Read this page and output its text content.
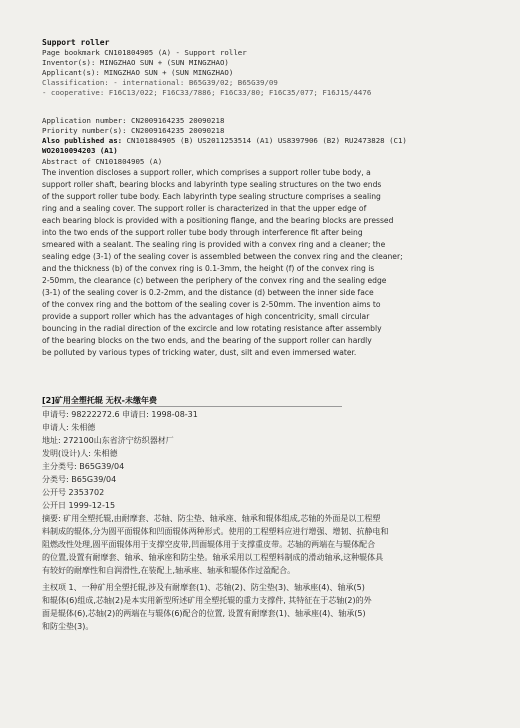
Support roller
Page bookmark CN101804905 (A) - Support roller
Inventor(s): MINGZHAO SUN + (SUN MINGZHAO)
Applicant(s): MINGZHAO SUN + (SUN MINGZHAO)
Classification: - international: B65G39/02; B65G39/09
- cooperative: F16C13/022; F16C33/7886; F16C33/80; F16C35/077; F16J15/4476
Application number: CN2009164235 20090218
Priority number(s): CN2009164235 20090218
Also published as: CN101804905 (B) US2011253514 (A1) US8397906 (B2) RU2473828 (C1)
WO2010094203 (A1)
Abstract of CN101804905 (A)
The invention discloses a support roller, which comprises a support roller tube body, a
support roller shaft, bearing blocks and labyrinth type sealing structures on the two ends
of the support roller tube body. Each labyrinth type sealing structure comprises a sealing
ring and a sealing cover. The support roller is characterized in that the upper edge of
each bearing block is provided with a positioning flange, and the bearing blocks are pressed
into the two ends of the support roller tube body through interference fit after being
smeared with a sealant. The sealing ring is provided with a convex ring and a cleaner; the
sealing edge (3-1) of the sealing cover is assembled between the convex ring and the cleaner;
and the thickness (b) of the convex ring is 0.1-3mm, the height (f) of the convex ring is
2-50mm, the clearance (c) between the periphery of the convex ring and the sealing edge
(3-1) of the sealing cover is 0.2-2mm, and the distance (d) between the inner side face
of the convex ring and the bottom of the sealing cover is 2-50mm. The invention aims to
provide a support roller which has the advantages of high concentricity, small circular
bouncing in the radial direction of the excircle and low rotating resistance after assembly
of the bearing blocks on the two ends, and the bearing of the support roller can hardly
be polluted by various types of tricking water, dust, silt and even immersed water.
[2]矿用全塑托辊 无权-未缴年费
申请号: 98222272.6 申请日: 1998-08-31
申请人: 朱相德
地址: 272100山东省济宁纺织器材厂
发明(设计)人: 朱相德
主分类号: B65G39/04
分类号: B65G39/04
公开号 2353702
公开日 1999-12-15
摘要: 矿用全塑托辊,由耐摩套、芯轴、防尘垫、轴承座、轴承和辊体组成,芯轴的外面是以工程塑
料制成的辊体,分为圆平面辊体和凹面辊体两种形式。使用的工程塑料应进行增强、增韧、抗静电和
阻燃改性处理,圆平面辊体用于支撑空皮带,凹面辊体用于支撑重皮带。芯轴的两端在与辊体配合
的位置,设置有耐摩套、轴承、轴承座和防尘垫。轴承采用以工程塑料制成的滑动轴承,这种辊体具
有较好的耐摩性和自润滑性,在装配上,轴承座、轴承和辊体作过盈配合。
主权项 1、一种矿用全塑托辊,涉及有耐摩套(1)、芯轴(2)、防尘垫(3)、轴承座(4)、轴承(5)
和辊体(6)组成,芯轴(2)是本实用新型所述矿用全塑托辊的重力支撑件, 其特征在于芯轴(2)的外
面是辊体(6),芯轴(2)的两端在与辊体(6)配合的位置, 设置有耐摩套(1)、轴承座(4)、轴承(5)
和防尘垫(3)。
